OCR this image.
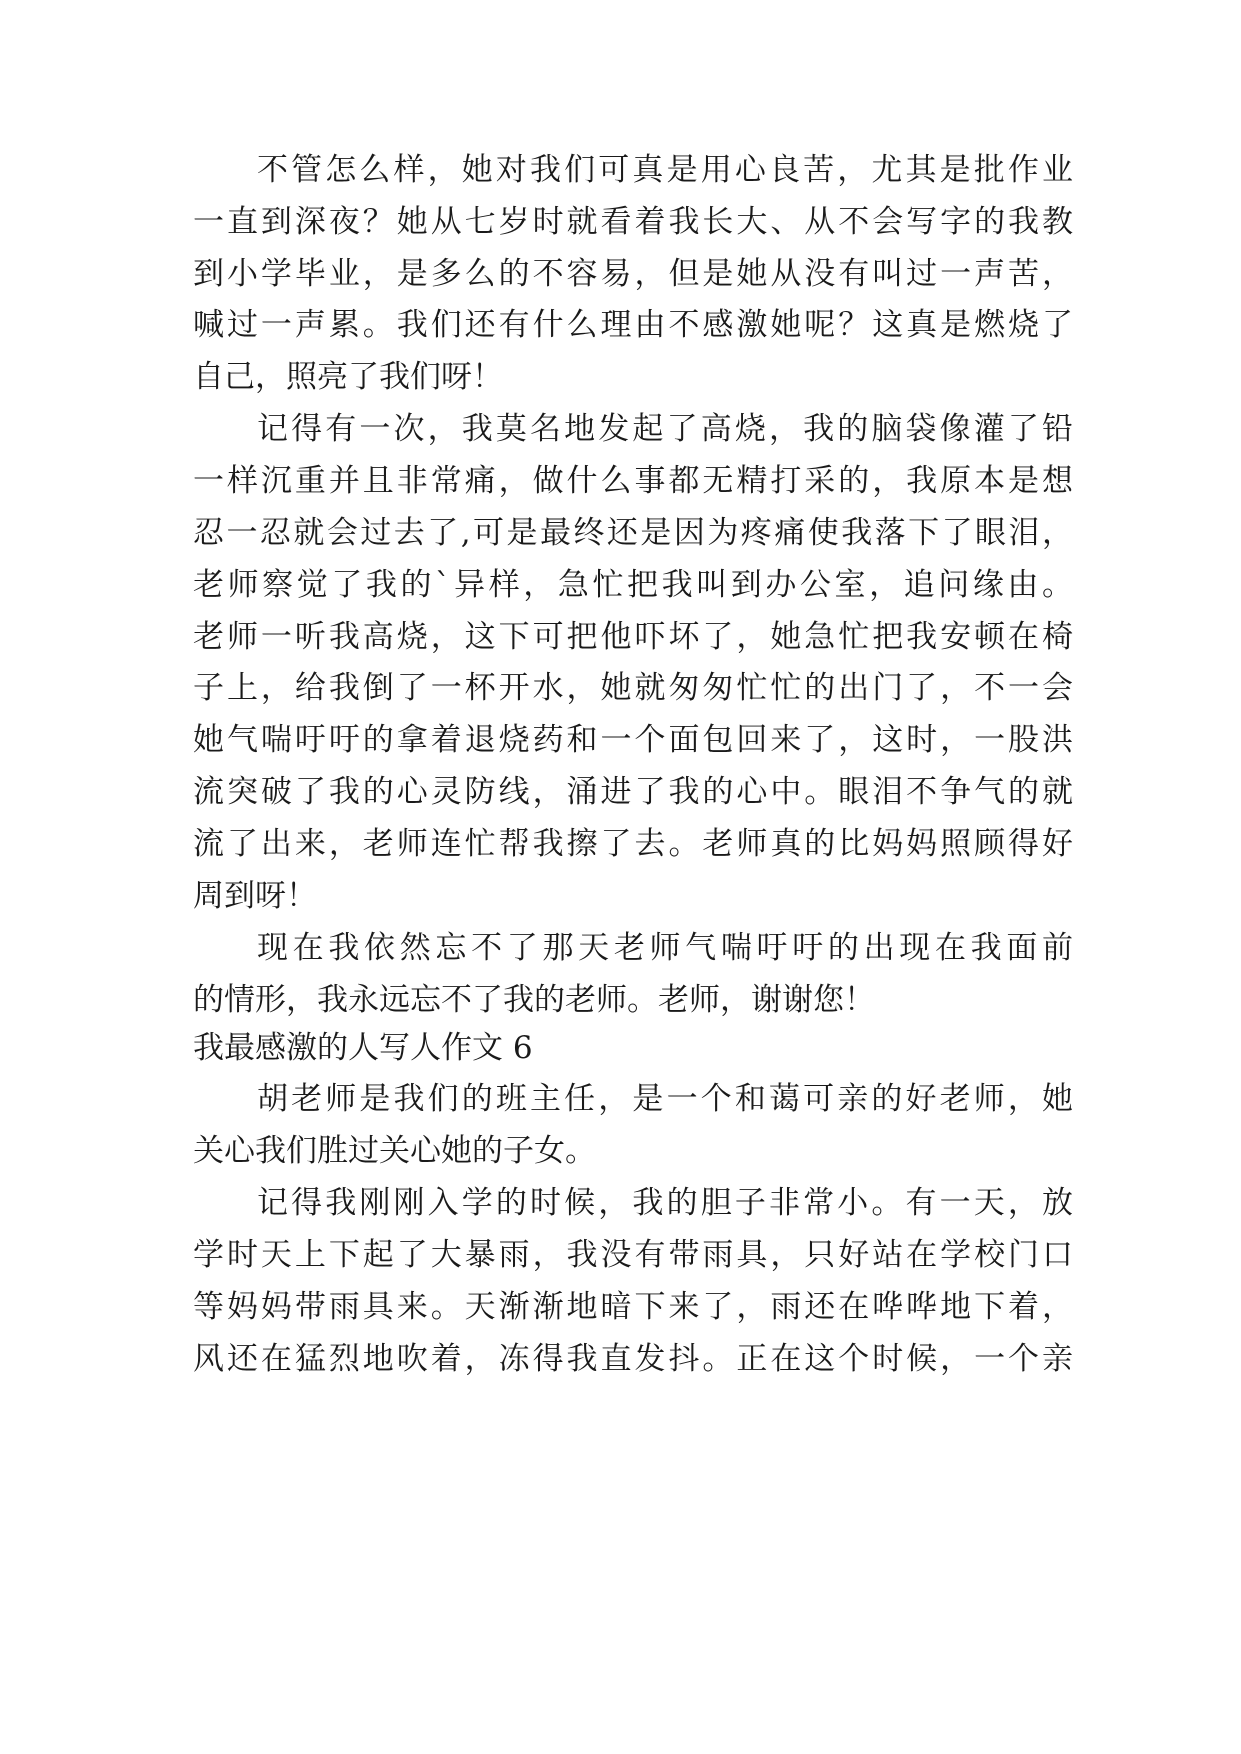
不管怎么样，她对我们可真是用心良苦，尤其是批作业
一直到深夜？她从七岁时就看着我长大、从不会写字的我教
到小学毕业，是多么的不容易，但是她从没有叫过一声苦，
喊过一声累。我们还有什么理由不感激她呢？这真是燃烧了
自己，照亮了我们呀！
记得有一次，我莫名地发起了高烧，我的脑袋像灌了铅
一样沉重并且非常痛，做什么事都无精打采的，我原本是想
忍一忍就会过去了,可是最终还是因为疼痛使我落下了眼泪，
老师察觉了我的`异样，急忙把我叫到办公室，追问缘由。
老师一听我高烧，这下可把他吓坏了，她急忙把我安顿在椅
子上，给我倒了一杯开水，她就匆匆忙忙的出门了，不一会
她气喘吁吁的拿着退烧药和一个面包回来了，这时，一股洪
流突破了我的心灵防线，涌进了我的心中。眼泪不争气的就
流了出来，老师连忙帮我擦了去。老师真的比妈妈照顾得好
周到呀！
现在我依然忘不了那天老师气喘吁吁的出现在我面前
的情形，我永远忘不了我的老师。老师，谢谢您！
我最感激的人写人作文 6
胡老师是我们的班主任，是一个和蔼可亲的好老师，她
关心我们胜过关心她的子女。
记得我刚刚入学的时候，我的胆子非常小。有一天，放
学时天上下起了大暴雨，我没有带雨具，只好站在学校门口
等妈妈带雨具来。天渐渐地暗下来了，雨还在哗哗地下着，
风还在猛烈地吹着，冻得我直发抖。正在这个时候，一个亲
